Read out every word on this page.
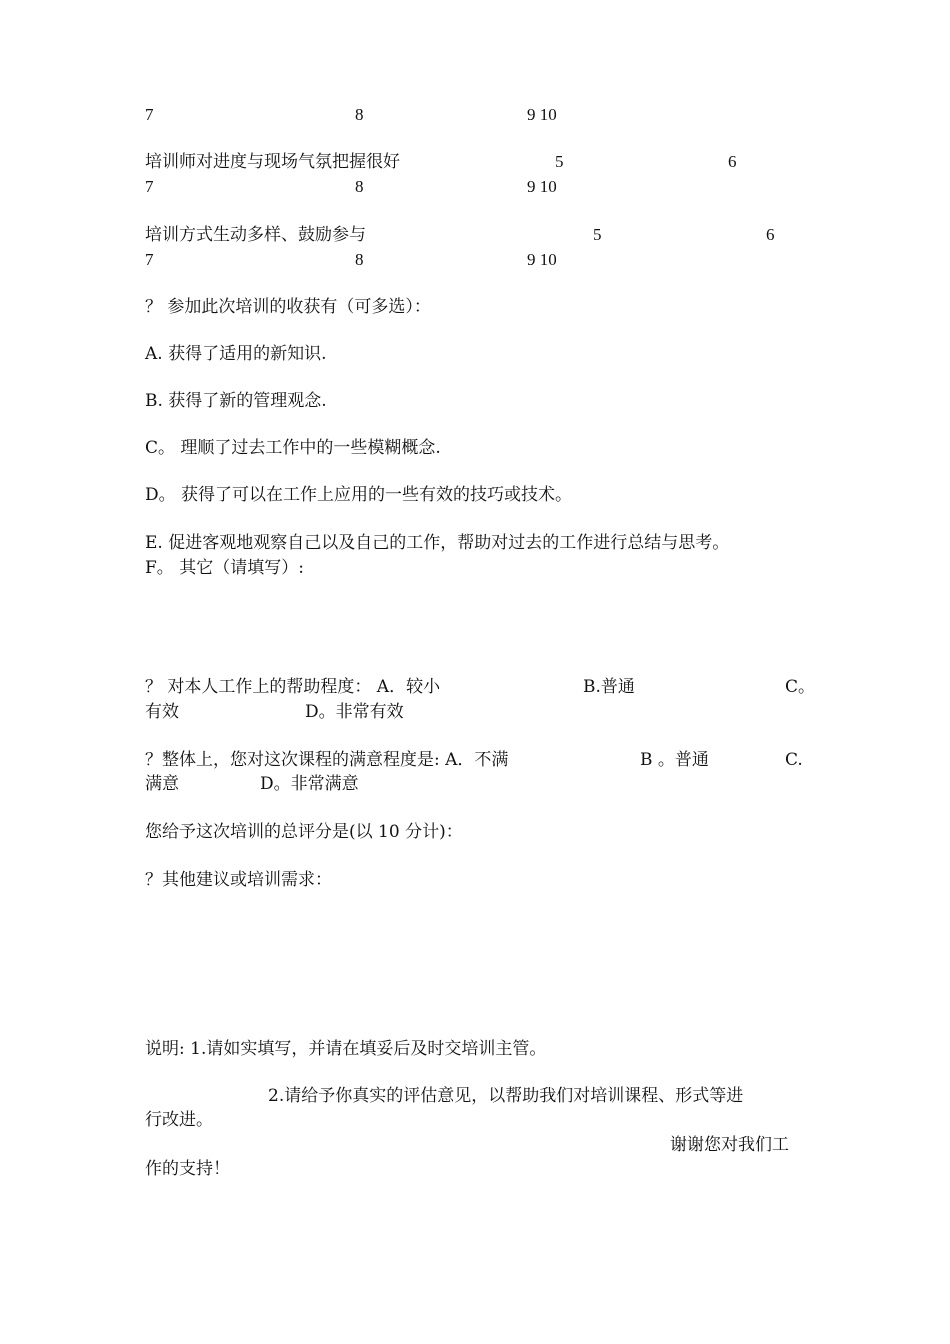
7	8	9 10
培训师对进度与现场气氛把握很好	5	6
7	8	9 10
培训方式生动多样、鼓励参与	5	6
7	8	9 10
？ 参加此次培训的收获有（可多选）：
A. 获得了适用的新知识.
B. 获得了新的管理观念.
C。 理顺了过去工作中的一些模糊概念.
D。 获得了可以在工作上应用的一些有效的技巧或技术。
E. 促进客观地观察自己以及自己的工作，帮助对过去的工作进行总结与思考。
F。 其它（请填写）:
？ 对本人工作上的帮助程度： A．较小	B.普通	C。
有效	D。非常有效
？整体上，您对这次课程的满意程度是: A．不满	B 。普通	C.
满意	D。非常满意
您给予这次培训的总评分是(以 10 分计)：
？其他建议或培训需求：
说明: 1.请如实填写，并请在填妥后及时交培训主管。
2.请给予你真实的评估意见，以帮助我们对培训课程、形式等进
行改进。
谢谢您对我们工
作的支持！
